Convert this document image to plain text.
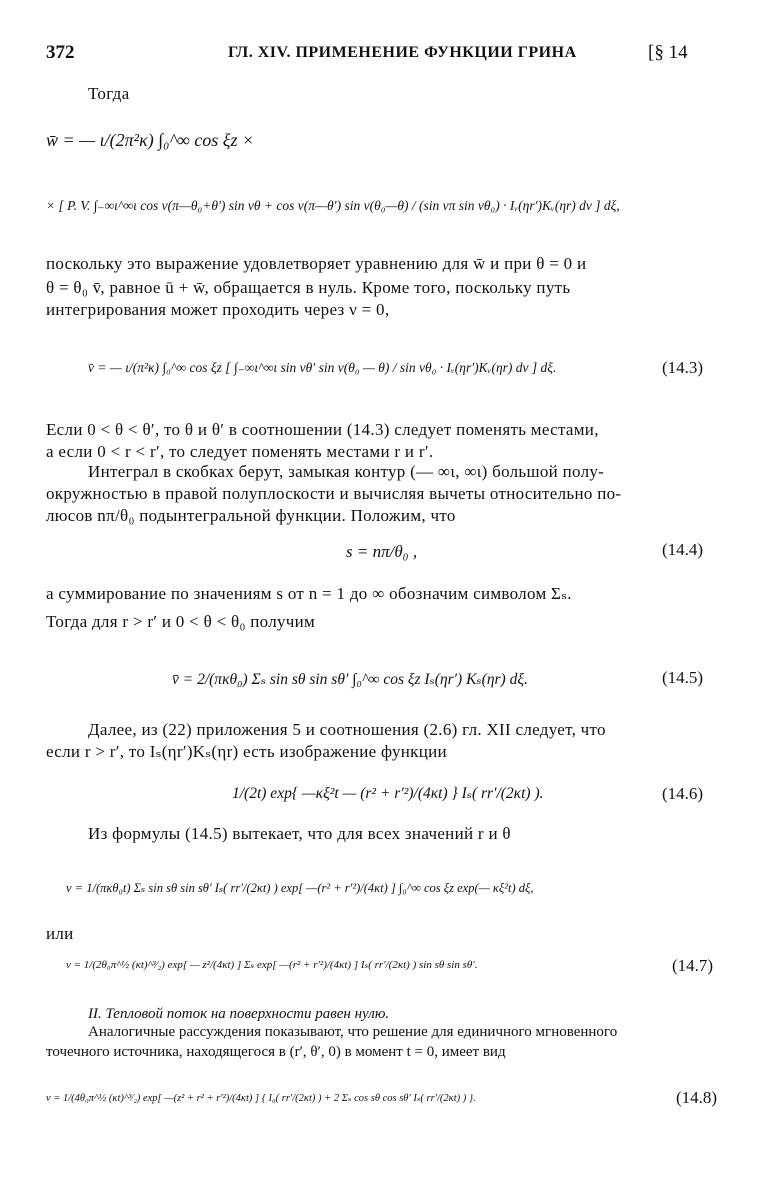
372	ГЛ. XIV. ПРИМЕНЕНИЕ ФУНКЦИИ ГРИНА	[§ 14
Тогда
w̄ = — ι/(2π²κ) ∫₀^∞ cos ξz ×
× [ P. V. ∫₋∞ι^∞ι cos ν(π—θ₀+θ′) sin νθ + cos ν(π—θ′) sin ν(θ₀—θ) / (sin νπ sin νθ₀) · Iᵥ(ηr′)Kᵥ(ηr) dν ] dξ,
поскольку это выражение удовлетворяет уравнению для w̄ и при θ = 0 и
θ = θ₀ v̄, равное ū + w̄, обращается в нуль. Кроме того, поскольку путь
интегрирования может проходить через ν = 0,
v̄ = — ι/(π²κ) ∫₀^∞ cos ξz [ ∫₋∞ι^∞ι sin νθ′ sin ν(θ₀ — θ) / sin νθ₀ · Iᵥ(ηr′)Kᵥ(ηr) dν ] dξ.	(14.3)
Если 0 < θ < θ′, то θ и θ′ в соотношении (14.3) следует поменять местами,
а если 0 < r < r′, то следует поменять местами r и r′.
Интеграл в скобках берут, замыкая контур (— ∞ι, ∞ι) большой полу-
окружностью в правой полуплоскости и вычисляя вычеты относительно по-
люсов nπ/θ₀ подынтегральной функции. Положим, что
s = nπ/θ₀ ,	(14.4)
а суммирование по значениям s от n = 1 до ∞ обозначим символом Σₛ.
Тогда для r > r′ и 0 < θ < θ₀ получим
v̄ = 2/(πκθ₀) Σₛ sin sθ sin sθ′ ∫₀^∞ cos ξz Iₛ(ηr′) Kₛ(ηr) dξ.	(14.5)
Далее, из (22) приложения 5 и соотношения (2.6) гл. XII следует, что
если r > r′, то Iₛ(ηr′)Kₛ(ηr) есть изображение функции
1/(2t) exp{ —κξ²t — (r² + r′²)/(4κt) } Iₛ( rr′/(2κt) ).	(14.6)
Из формулы (14.5) вытекает, что для всех значений r и θ
v = 1/(πκθ₀t) Σₛ sin sθ sin sθ′ Iₛ( rr′/(2κt) ) exp[ —(r² + r′²)/(4κt) ] ∫₀^∞ cos ξz exp(— κξ²t) dξ,
или
v = 1/(2θ₀π^½ (κt)^³⁄₂) exp[ — z²/(4κt) ] Σₛ exp[ —(r² + r′²)/(4κt) ] Iₛ( rr′/(2κt) ) sin sθ sin sθ′.	(14.7)
II. Тепловой поток на поверхности равен нулю.
Аналогичные рассуждения показывают, что решение для единичного мгновенного
точечного источника, находящегося в (r′, θ′, 0) в момент t = 0, имеет вид
v = 1/(4θ₀π^½ (κt)^³⁄₂) exp[ —(z² + r² + r′²)/(4κt) ] { I₀( rr′/(2κt) ) + 2 Σₛ cos sθ cos sθ′ Iₛ( rr′/(2κt) ) }.	(14.8)
